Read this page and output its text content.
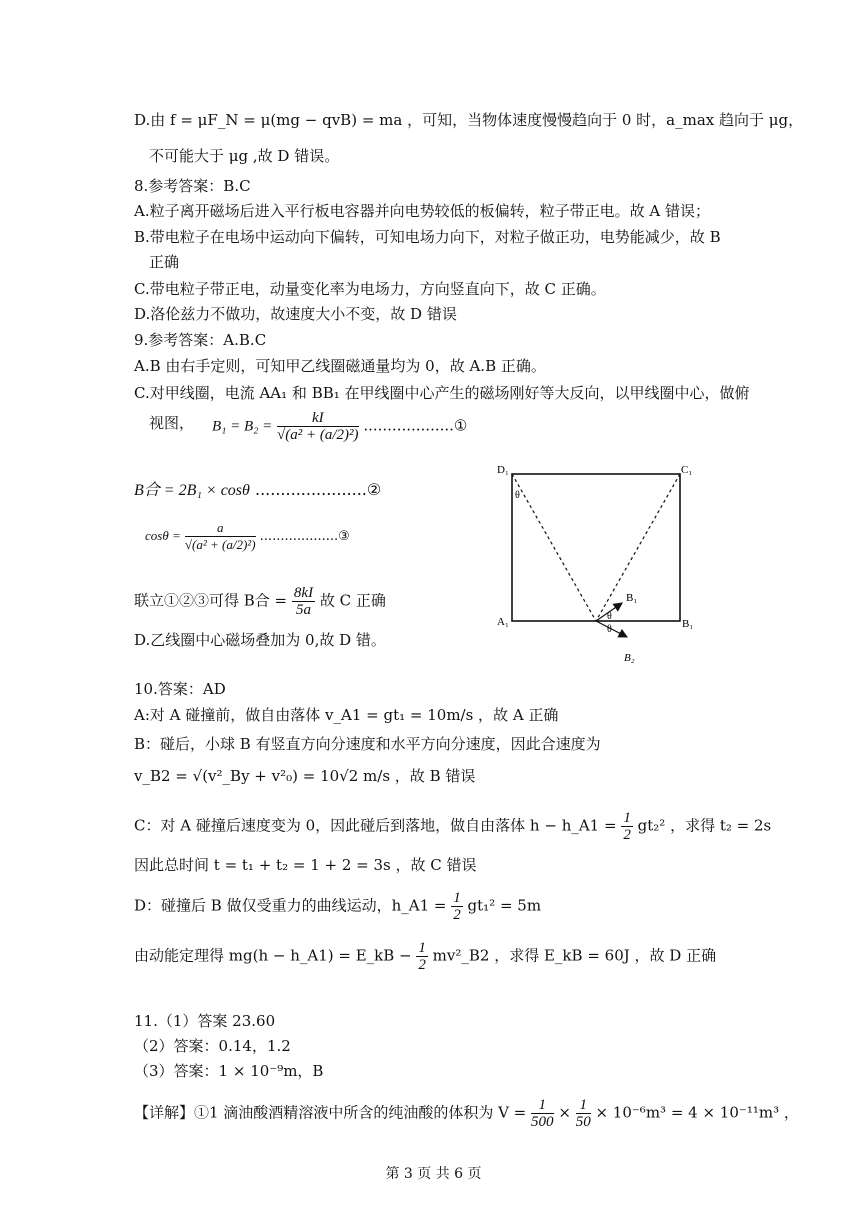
D.由 f = μF_N = μ(mg − qvB) = ma ，可知，当物体速度慢慢趋向于 0 时，a_max 趋向于 μg，
不可能大于 μg ,故 D 错误。
8.参考答案：B.C
A.粒子离开磁场后进入平行板电容器并向电势较低的板偏转，粒子带正电。故 A 错误；
B.带电粒子在电场中运动向下偏转，可知电场力向下，对粒子做正功，电势能减少，故 B
正确
C.带电粒子带正电，动量变化率为电场力，方向竖直向下，故 C 正确。
D.洛伦兹力不做功，故速度大小不变，故 D 错误
9.参考答案：A.B.C
A.B 由右手定则，可知甲乙线圈磁通量均为 0，故 A.B 正确。
C.对甲线圈，电流 AA₁ 和 BB₁ 在甲线圈中心产生的磁场刚好等大反向，以甲线圈中心，做俯
视图， $B_1 = B_2 = \frac{kI}{\text{√(a² + (a/2)²)}}$ ...................①
B合 = 2B₁ × cosθ ......................②
$\cos\theta = \frac{a}{\text{√(a² + (a/2)²)}}$ ...................③
联立①②③可得 B合 = $\frac{8kI}{5a}$ 故 C 正确
D.乙线圈中心磁场叠加为 0,故 D 错。
10.答案：AD
A:对 A 碰撞前，做自由落体 v_A1 = gt₁ = 10m/s ，故 A 正确
B：碰后，小球 B 有竖直方向分速度和水平方向分速度，因此合速度为
v_B2 = √(v²_By + v²₀) = 10√2 m/s ，故 B 错误
C：对 A 碰撞后速度变为 0，因此碰后到落地，做自由落体 h − h_A1 = $\frac{1}{2} gt_2^2$ ，求得 t₂ = 2s
因此总时间 t = t₁ + t₂ = 1 + 2 = 3s ，故 C 错误
D：碰撞后 B 做仅受重力的曲线运动，h_A1 = $\frac{1}{2} gt_1^2 = 5m$
由动能定理得 mg(h − h_A1) = E_kB − $\frac{1}{2}$ mv²_B2 ，求得 E_kB = 60J ，故 D 正确
11.（1）答案 23.60
（2）答案：0.14，1.2
（3）答案：1 × 10⁻⁹m，B
【详解】①1 滴油酸酒精溶液中所含的纯油酸的体积为 $V = \frac{1}{500} \times \frac{1}{50} \times 10^{-6}m^3 = 4 \times 10^{-11}m^3$ ，
D₁	C₁
A₁	B₁
θ
θ
θ
B₁
B₂
第 3 页 共 6 页
